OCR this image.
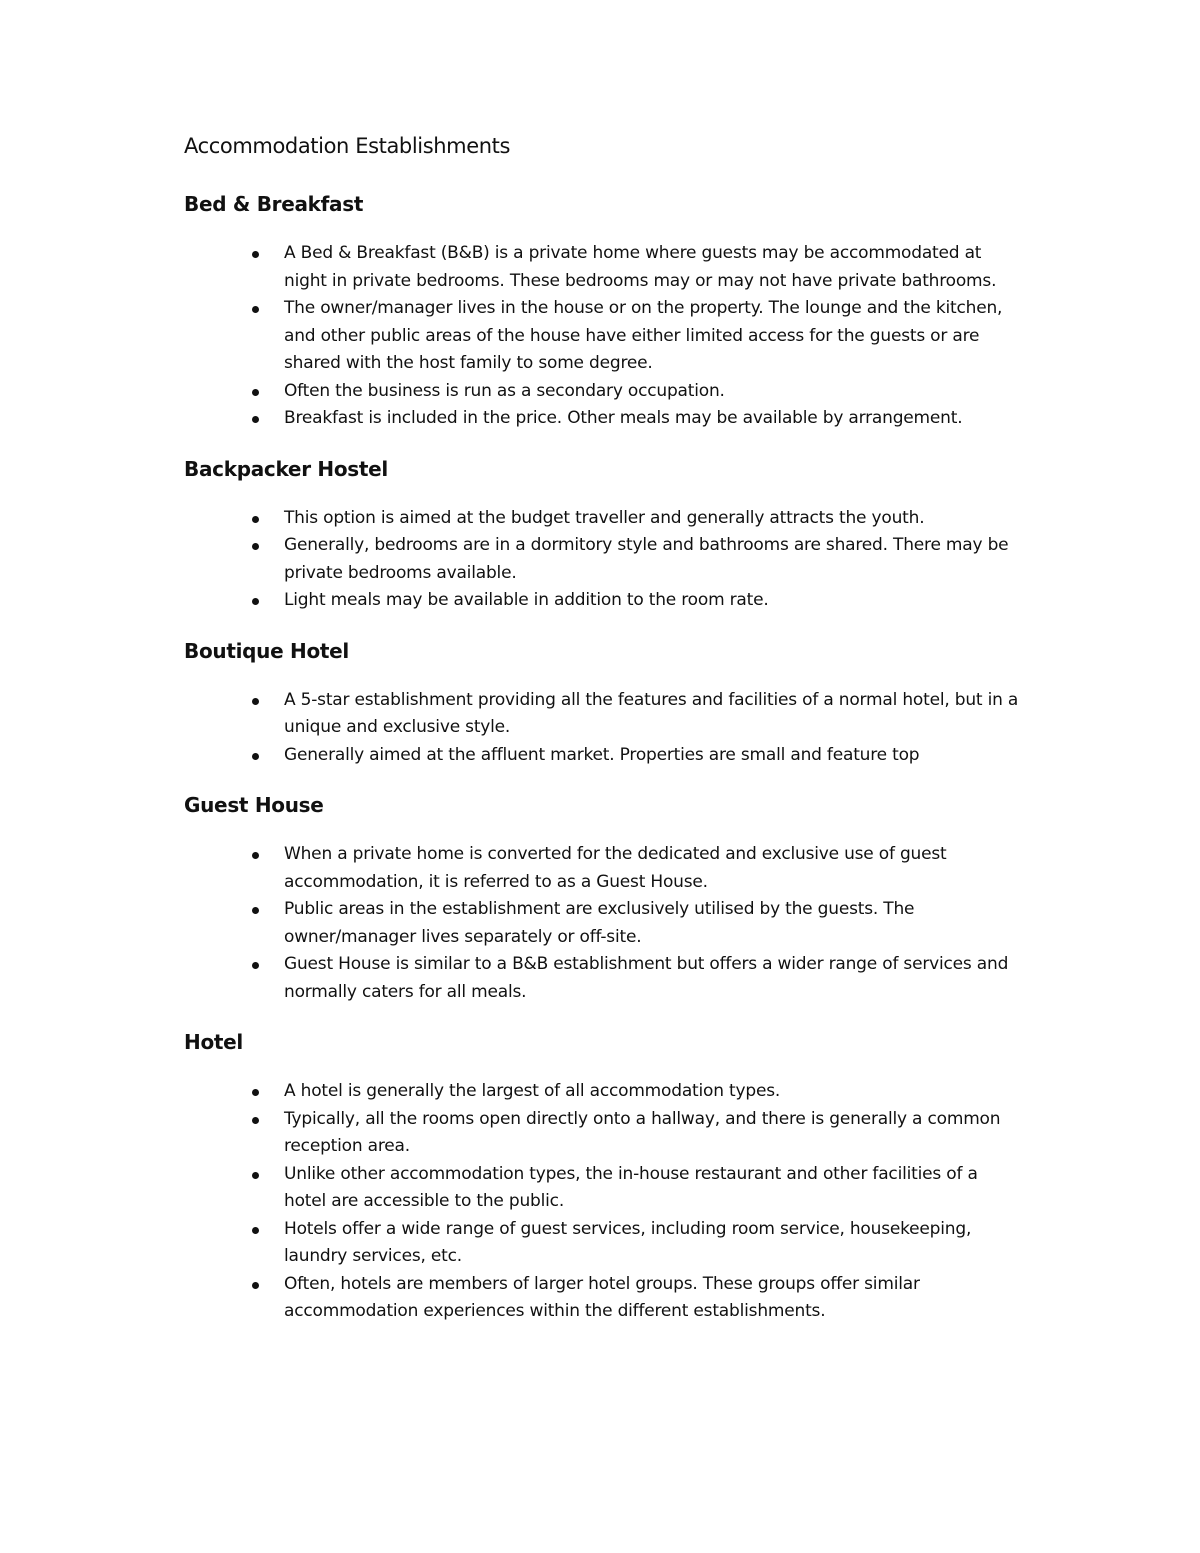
Accommodation Establishments
Bed & Breakfast
A Bed & Breakfast (B&B) is a private home where guests may be accommodated at night in private bedrooms. These bedrooms may or may not have private bathrooms.
The owner/manager lives in the house or on the property. The lounge and the kitchen, and other public areas of the house have either limited access for the guests or are shared with the host family to some degree.
Often the business is run as a secondary occupation.
Breakfast is included in the price. Other meals may be available by arrangement.
Backpacker Hostel
This option is aimed at the budget traveller and generally attracts the youth.
Generally, bedrooms are in a dormitory style and bathrooms are shared. There may be private bedrooms available.
Light meals may be available in addition to the room rate.
Boutique Hotel
A 5-star establishment providing all the features and facilities of a normal hotel, but in a unique and exclusive style.
Generally aimed at the affluent market. Properties are small and feature top
Guest House
When a private home is converted for the dedicated and exclusive use of guest accommodation, it is referred to as a Guest House.
Public areas in the establishment are exclusively utilised by the guests. The owner/manager lives separately or off-site.
Guest House is similar to a B&B establishment but offers a wider range of services and normally caters for all meals.
Hotel
A hotel is generally the largest of all accommodation types.
Typically, all the rooms open directly onto a hallway, and there is generally a common reception area.
Unlike other accommodation types, the in-house restaurant and other facilities of a hotel are accessible to the public.
Hotels offer a wide range of guest services, including room service, housekeeping, laundry services, etc.
Often, hotels are members of larger hotel groups. These groups offer similar accommodation experiences within the different establishments.
